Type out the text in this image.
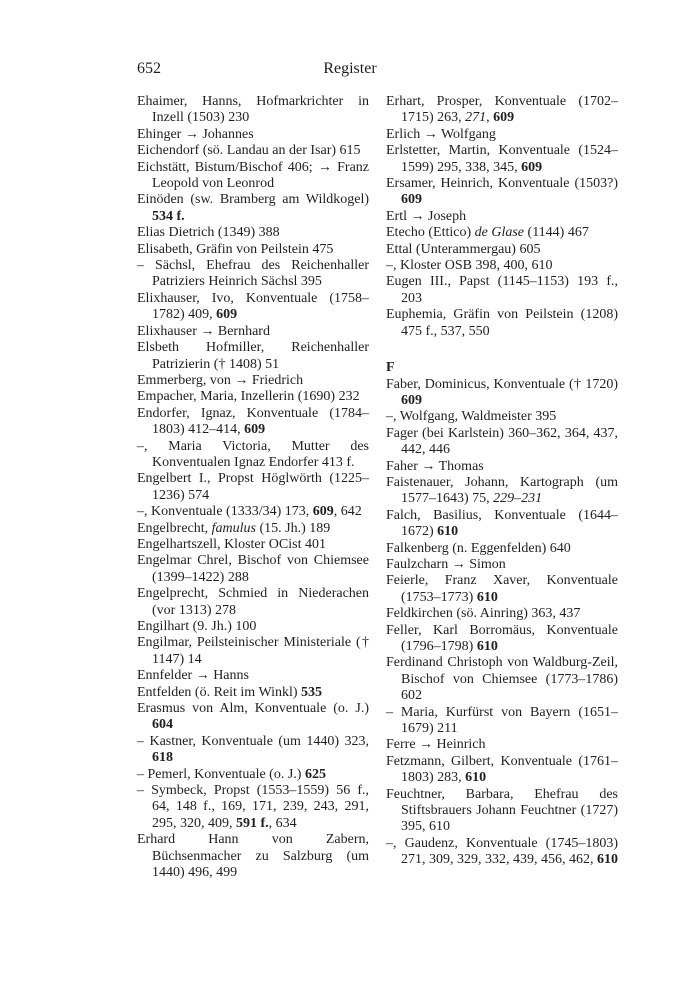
652	Register

Ehaimer, Hanns, Hofmarkrichter in Inzell (1503) 230

Ehinger → Johannes

Eichendorf (sö. Landau an der Isar) 615

Eichstätt, Bistum/Bischof 406; → Franz Leopold von Leonrod

Einöden (sw. Bramberg am Wildkogel) 534 f.

Elias Dietrich (1349) 388

Elisabeth, Gräfin von Peilstein 475

– Sächsl, Ehefrau des Reichenhaller Patriziers Heinrich Sächsl 395

Elixhauser, Ivo, Konventuale (1758–1782) 409, 609

Elixhauser → Bernhard

Elsbeth Hofmiller, Reichenhaller Patrizierin († 1408) 51

Emmerberg, von → Friedrich

Empacher, Maria, Inzellerin (1690) 232

Endorfer, Ignaz, Konventuale (1784–1803) 412–414, 609

–, Maria Victoria, Mutter des Konventualen Ignaz Endorfer 413 f.

Engelbert I., Propst Höglwörth (1225–1236) 574

–, Konventuale (1333/34) 173, 609, 642

Engelbrecht, famulus (15. Jh.) 189

Engelhartszell, Kloster OCist 401

Engelmar Chrel, Bischof von Chiemsee (1399–1422) 288

Engelprecht, Schmied in Niederachen (vor 1313) 278

Engilhart (9. Jh.) 100

Engilmar, Peilsteinischer Ministeriale († 1147) 14

Ennfelder → Hanns

Entfelden (ö. Reit im Winkl) 535

Erasmus von Alm, Konventuale (o. J.) 604

– Kastner, Konventuale (um 1440) 323, 618

– Pemerl, Konventuale (o. J.) 625

– Symbeck, Propst (1553–1559) 56 f., 64, 148 f., 169, 171, 239, 243, 291, 295, 320, 409, 591 f., 634

Erhard Hann von Zabern, Büchsenmacher zu Salzburg (um 1440) 496, 499

Erhart, Prosper, Konventuale (1702–1715) 263, 271, 609

Erlich → Wolfgang

Erlstetter, Martin, Konventuale (1524–1599) 295, 338, 345, 609

Ersamer, Heinrich, Konventuale (1503?) 609

Ertl → Joseph

Etecho (Ettico) de Glase (1144) 467

Ettal (Unterammergau) 605

–, Kloster OSB 398, 400, 610

Eugen III., Papst (1145–1153) 193 f., 203

Euphemia, Gräfin von Peilstein (1208) 475 f., 537, 550

F

Faber, Dominicus, Konventuale († 1720) 609

–, Wolfgang, Waldmeister 395

Fager (bei Karlstein) 360–362, 364, 437, 442, 446

Faher → Thomas

Faistenauer, Johann, Kartograph (um 1577–1643) 75, 229–231

Falch, Basilius, Konventuale (1644–1672) 610

Falkenberg (n. Eggenfelden) 640

Faulzcharn → Simon

Feierle, Franz Xaver, Konventuale (1753–1773) 610

Feldkirchen (sö. Ainring) 363, 437

Feller, Karl Borromäus, Konventuale (1796–1798) 610

Ferdinand Christoph von Waldburg-Zeil, Bischof von Chiemsee (1773–1786) 602

– Maria, Kurfürst von Bayern (1651–1679) 211

Ferre → Heinrich

Fetzmann, Gilbert, Konventuale (1761–1803) 283, 610

Feuchtner, Barbara, Ehefrau des Stiftsbrauers Johann Feuchtner (1727) 395, 610

–, Gaudenz, Konventuale (1745–1803) 271, 309, 329, 332, 439, 456, 462, 610
